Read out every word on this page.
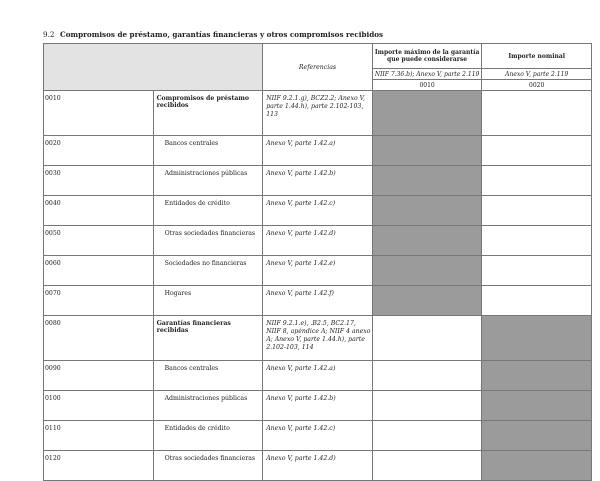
9.2 Compromisos de préstamo, garantías financieras y otros compromisos recibidos
		Referencias	Importe máximo de la garantía que puede considerarse	Importe nominal
			NIIF 7.36.b); Anexo V, parte 2.119	Anexo V, parte 2.119
			0010	0020
0010	Compromisos de préstamo recibidos	NIIF 9.2.1.g), BCZ2.2; Anexo V, parte 1.44.h), parte 2.102-103, 113		
0020	Bancos centrales	Anexo V, parte 1.42.a)		
0030	Administraciones públicas	Anexo V, parte 1.42.b)		
0040	Entidades de crédito	Anexo V, parte 1.42.c)		
0050	Otras sociedades financieras	Anexo V, parte 1.42.d)		
0060	Sociedades no financieras	Anexo V, parte 1.42.e)		
0070	Hogares	Anexo V, parte 1.42.f)		
0080	Garantías financieras recibidas	NIIF 9.2.1.e), .B2.5, BC2.17, NIIF 8, apéndice A; NIIF 4 anexo A; Anexo V, parte 1.44.h), parte 2.102-103, 114		
0090	Bancos centrales	Anexo V, parte 1.42.a)		
0100	Administraciones públicas	Anexo V, parte 1.42.b)		
0110	Entidades de crédito	Anexo V, parte 1.42.c)		
0120	Otras sociedades financieras	Anexo V, parte 1.42.d)		
